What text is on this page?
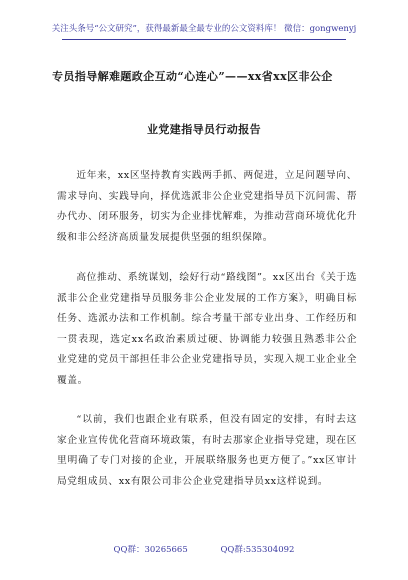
关注头条号“公文研究”，获得最新最全最专业的公文资料库！ 微信：gongwenyj
专员指导解难题政企互动“心连心”——xx省xx区非公企
业党建指导员行动报告

近年来，xx区坚持教育实践两手抓、两促进，立足问题导向、需求导向、实践导向，择优选派非公企业党建指导员下沉问需、帮办代办、闭环服务，切实为企业排忧解难，为推动营商环境优化升级和非公经济高质量发展提供坚强的组织保障。

高位推动、系统谋划，绘好行动“路线图”。xx区出台《关于选派非公企业党建指导员服务非公企业发展的工作方案》，明确目标任务、选派办法和工作机制。综合考量干部专业出身、工作经历和一贯表现，选定xx名政治素质过硬、协调能力较强且熟悉非公企业党建的党员干部担任非公企业党建指导员，实现入规工业企业全覆盖。

“以前，我们也跟企业有联系，但没有固定的安排，有时去这家企业宣传优化营商环境政策，有时去那家企业指导党建，现在区里明确了专门对接的企业，开展联络服务也更方便了。”xx区审计局党组成员、xx有限公司非公企业党建指导员xx这样说到。

QQ群：30265665	QQ群:535304092
